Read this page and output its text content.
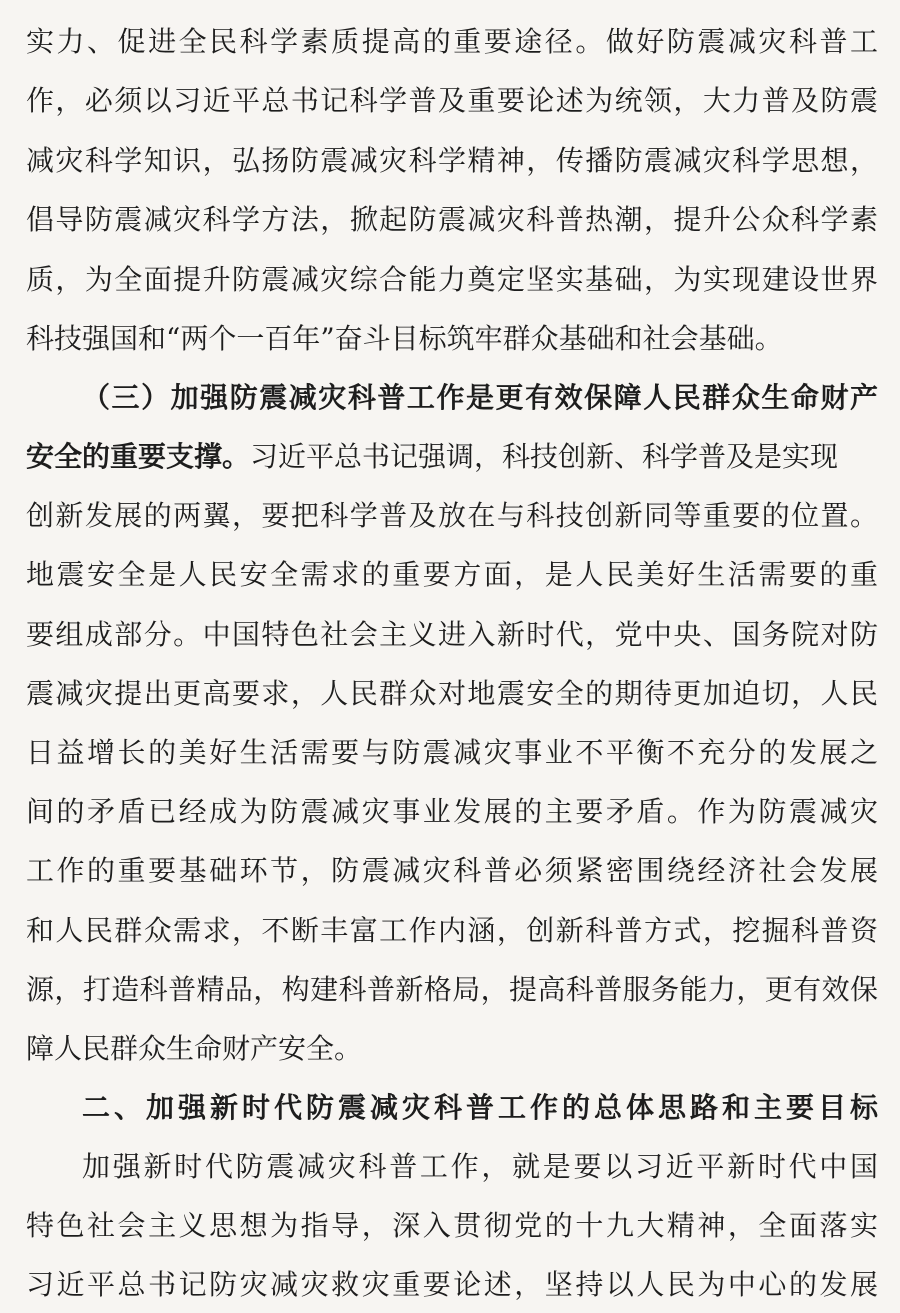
实力、促进全民科学素质提高的重要途径。做好防震减灾科普工
作，必须以习近平总书记科学普及重要论述为统领，大力普及防震
减灾科学知识，弘扬防震减灾科学精神，传播防震减灾科学思想，
倡导防震减灾科学方法，掀起防震减灾科普热潮，提升公众科学素
质，为全面提升防震减灾综合能力奠定坚实基础，为实现建设世界
科技强国和“两个一百年”奋斗目标筑牢群众基础和社会基础。
（三）加强防震减灾科普工作是更有效保障人民群众生命财产
安全的重要支撑。习近平总书记强调，科技创新、科学普及是实现
创新发展的两翼，要把科学普及放在与科技创新同等重要的位置。
地震安全是人民安全需求的重要方面，是人民美好生活需要的重
要组成部分。中国特色社会主义进入新时代，党中央、国务院对防
震减灾提出更高要求，人民群众对地震安全的期待更加迫切，人民
日益增长的美好生活需要与防震减灾事业不平衡不充分的发展之
间的矛盾已经成为防震减灾事业发展的主要矛盾。作为防震减灾
工作的重要基础环节，防震减灾科普必须紧密围绕经济社会发展
和人民群众需求，不断丰富工作内涵，创新科普方式，挖掘科普资
源，打造科普精品，构建科普新格局，提高科普服务能力，更有效保
障人民群众生命财产安全。
二、加强新时代防震减灾科普工作的总体思路和主要目标
加强新时代防震减灾科普工作，就是要以习近平新时代中国
特色社会主义思想为指导，深入贯彻党的十九大精神，全面落实
习近平总书记防灾减灾救灾重要论述，坚持以人民为中心的发展
